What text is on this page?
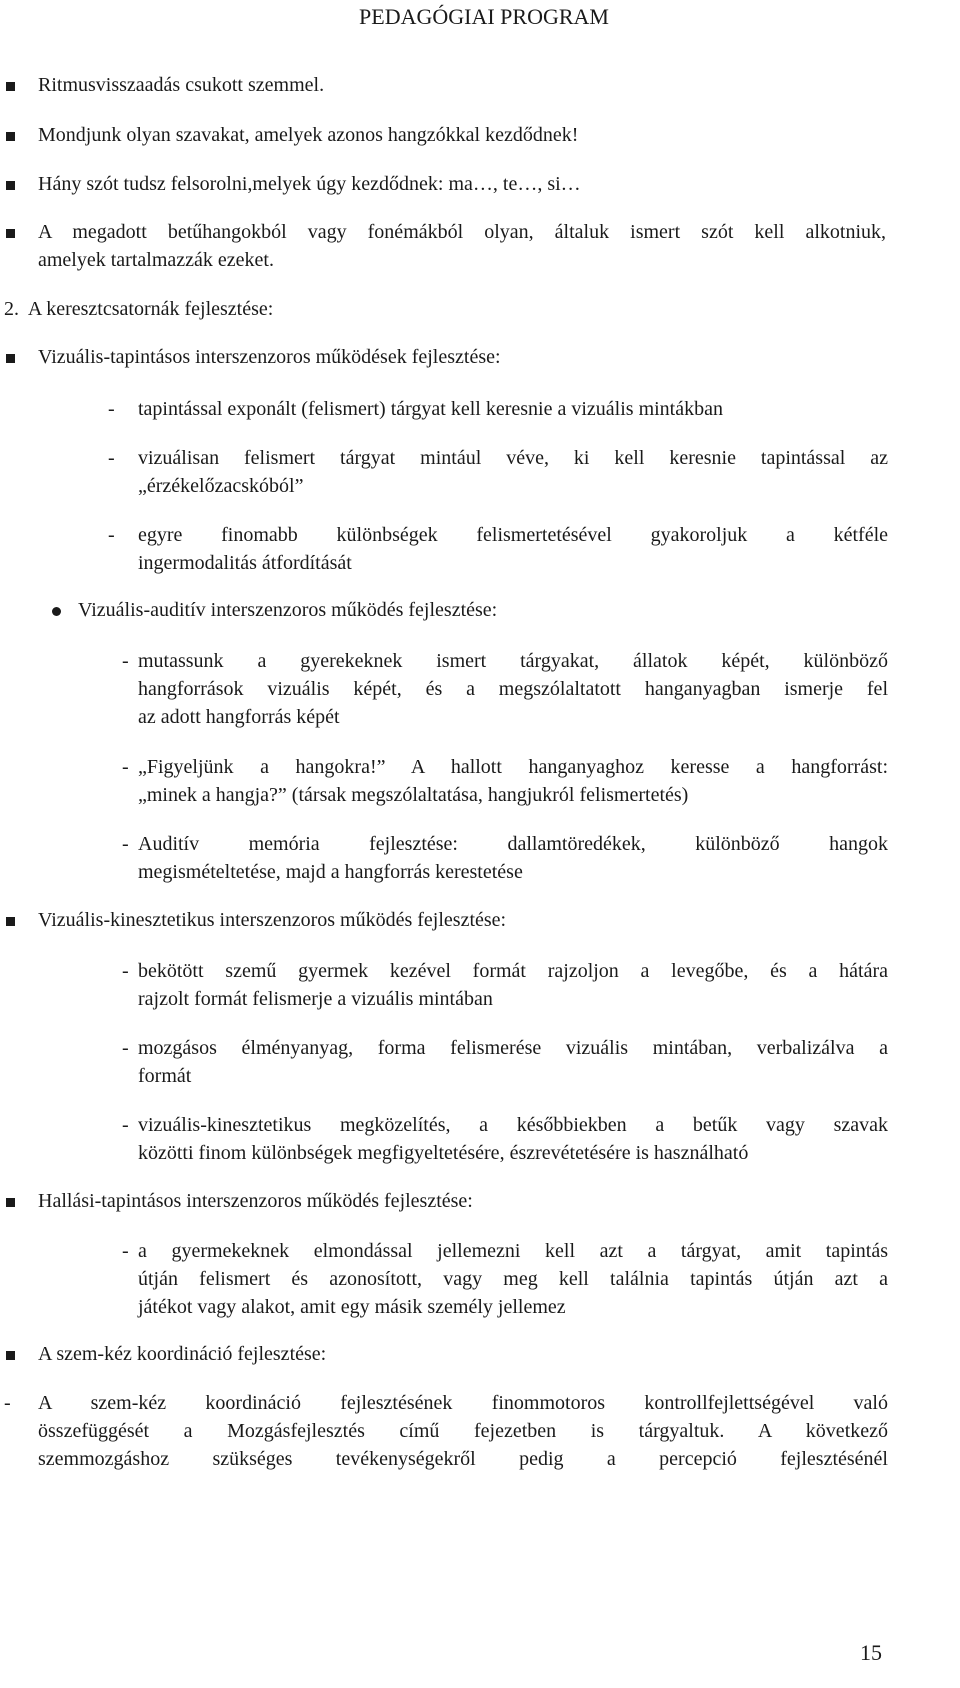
PEDAGÓGIAI PROGRAM

Ritmusvisszaadás csukott szemmel.

Mondjunk olyan szavakat, amelyek azonos hangzókkal kezdődnek!

Hány szót tudsz felsorolni,melyek úgy kezdődnek: ma…, te…, si…

A megadott betűhangokból vagy fonémákból olyan, általuk ismert szót kell alkotniuk,

amelyek tartalmazzák ezeket.

2.  A keresztcsatornák fejlesztése:

Vizuális-tapintásos interszenzoros működések fejlesztése:

- tapintással exponált (felismert) tárgyat kell keresnie a vizuális mintákban

- vizuálisan felismert tárgyat mintául véve, ki kell keresnie tapintással az

„érzékelőzacskóból”

- egyre finomabb különbségek felismertetésével gyakoroljuk a kétféle

ingermodalitás átfordítását

Vizuális-auditív interszenzoros működés fejlesztése:

- mutassunk a gyerekeknek ismert tárgyakat, állatok képét, különböző

hangforrások vizuális képét, és a megszólaltatott hanganyagban ismerje fel

az adott hangforrás képét

- „Figyeljünk a hangokra!” A hallott hanganyaghoz keresse a hangforrást:

„minek a hangja?” (társak megszólaltatása, hangjukról felismertetés)

- Auditív memória fejlesztése: dallamtöredékek, különböző hangok

megismételtetése, majd a hangforrás kerestetése

Vizuális-kinesztetikus interszenzoros működés fejlesztése:

- bekötött szemű gyermek kezével formát rajzoljon a levegőbe, és a hátára

rajzolt formát felismerje a vizuális mintában

- mozgásos élményanyag, forma felismerése vizuális mintában, verbalizálva a

formát

- vizuális-kinesztetikus megközelítés, a későbbiekben a betűk vagy szavak

közötti finom különbségek megfigyeltetésére, észrevétetésére is használható

Hallási-tapintásos interszenzoros működés fejlesztése:

- a gyermekeknek elmondással jellemezni kell azt a tárgyat, amit tapintás

útján felismert és azonosított, vagy meg kell találnia tapintás útján azt a

játékot vagy alakot, amit egy másik személy jellemez

A szem-kéz koordináció fejlesztése:

- A szem-kéz koordináció fejlesztésének finommotoros kontrollfejlettségével való

összefüggését a Mozgásfejlesztés című fejezetben is tárgyaltuk. A következő

szemmozgáshoz szükséges tevékenységekről pedig a percepció fejlesztésénél

15
